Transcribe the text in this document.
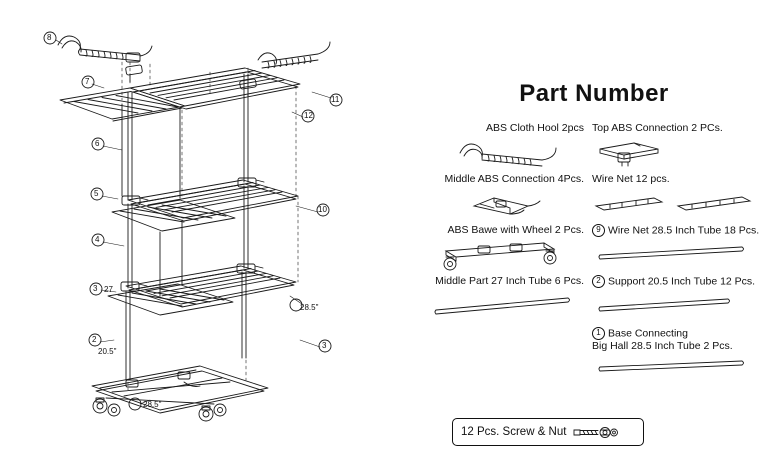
8
7
11
12
6
5
10
4
27
3
28.5"
3
2
20.5"
28.5"
Part Number
ABS Cloth Hool 2pcs
Middle ABS Connection 4Pcs.
ABS Bawe with Wheel 2 Pcs.
Middle Part 27 Inch Tube 6 Pcs.
Top ABS Connection 2 PCs.
Wire Net 12 pcs.
9 Wire Net 28.5 Inch Tube 18 Pcs.
2 Support 20.5 Inch Tube 12 Pcs.
1 Base Connecting
Big Hall 28.5 Inch Tube 2 Pcs.
12 Pcs. Screw & Nut
